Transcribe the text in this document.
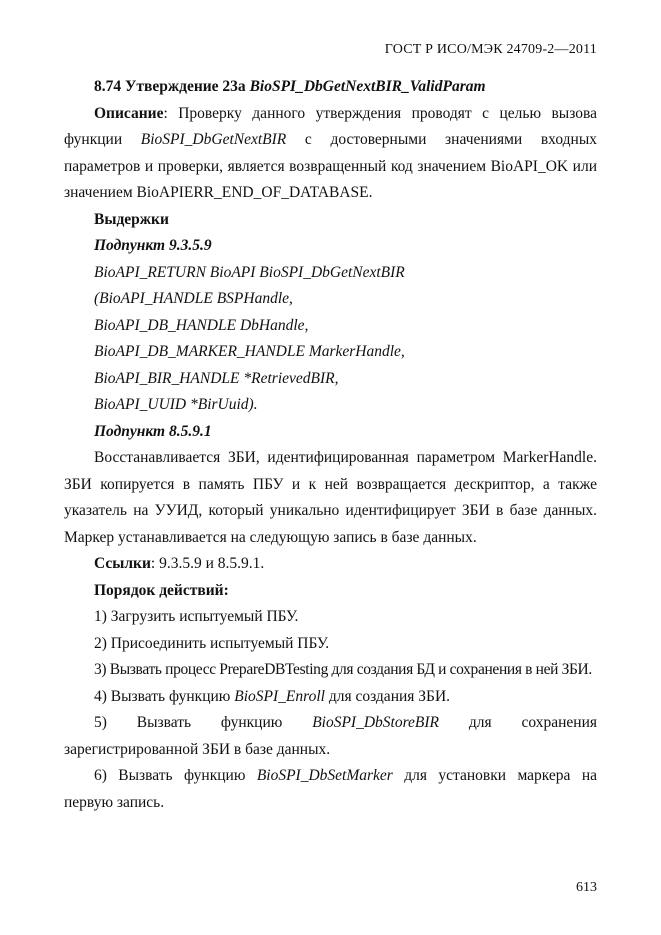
ГОСТ Р ИСО/МЭК 24709-2—2011

8.74 Утверждение 23а BioSPI_DbGetNextBIR_ValidParam

Описание: Проверку данного утверждения проводят с целью вызова функции BioSPI_DbGetNextBIR с достоверными значениями входных параметров и проверки, является возвращенный код значением BioAPI_OK или значением BioAPIERR_END_OF_DATABASE.

Выдержки

Подпункт 9.3.5.9

BioAPI_RETURN BioAPI BioSPI_DbGetNextBIR

(BioAPI_HANDLE BSPHandle,

BioAPI_DB_HANDLE DbHandle,

BioAPI_DB_MARKER_HANDLE MarkerHandle,

BioAPI_BIR_HANDLE *RetrievedBIR,

BioAPI_UUID *BirUuid).

Подпункт 8.5.9.1

Восстанавливается ЗБИ, идентифицированная параметром MarkerHandle. ЗБИ копируется в память ПБУ и к ней возвращается дескриптор, а также указатель на УУИД, который уникально идентифицирует ЗБИ в базе данных. Маркер устанавливается на следующую запись в базе данных.

Ссылки: 9.3.5.9 и 8.5.9.1.

Порядок действий:

1) Загрузить испытуемый ПБУ.

2) Присоединить испытуемый ПБУ.

3) Вызвать процесс PrepareDBTesting для создания БД и сохранения в ней ЗБИ.

4) Вызвать функцию BioSPI_Enroll для создания ЗБИ.

5) Вызвать функцию BioSPI_DbStoreBIR для сохранения зарегистрированной ЗБИ в базе данных.

6) Вызвать функцию BioSPI_DbSetMarker для установки маркера на первую запись.

613
